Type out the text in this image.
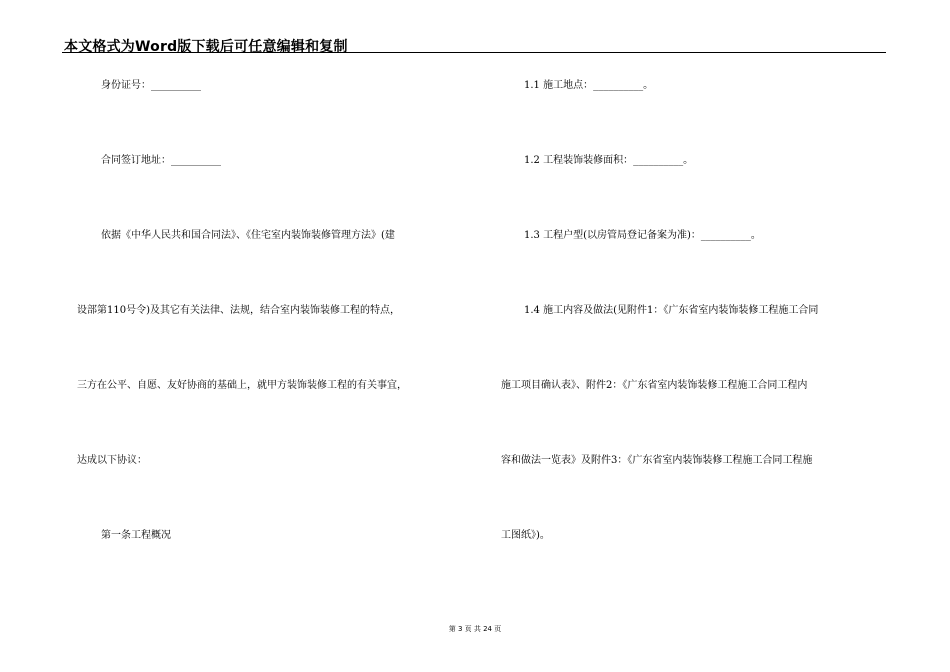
本文格式为Word版下载后可任意编辑和复制
身份证号：__________
合同签订地址：__________
依据《中华人民共和国合同法》、《住宅室内装饰装修管理方法》(建
设部第110号令)及其它有关法律、法规，结合室内装饰装修工程的特点，
三方在公平、自愿、友好协商的基础上，就甲方装饰装修工程的有关事宜，
达成以下协议：
第一条工程概况
1.1 施工地点：__________。
1.2 工程装饰装修面积：__________。
1.3 工程户型(以房管局登记备案为准)：__________。
1.4 施工内容及做法(见附件1：《广东省室内装饰装修工程施工合同
施工项目确认表》、附件2：《广东省室内装饰装修工程施工合同工程内
容和做法一览表》及附件3：《广东省室内装饰装修工程施工合同工程施
工图纸》)。
第 3 页 共 24 页
